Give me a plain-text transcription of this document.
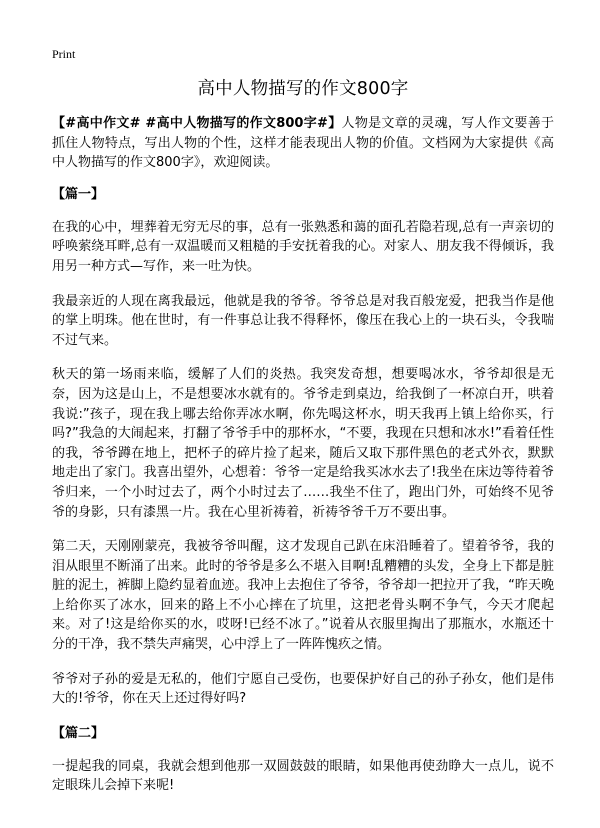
Print
高中人物描写的作文800字

【#高中作文# #高中人物描写的作文800字#】人物是文章的灵魂，写人作文要善于抓住人物特点，写出人物的个性，这样才能表现出人物的价值。文档网为大家提供《高中人物描写的作文800字》，欢迎阅读。

【篇一】

在我的心中，埋葬着无穷无尽的事，总有一张熟悉和蔼的面孔若隐若现,总有一声亲切的呼唤萦绕耳畔,总有一双温暖而又粗糙的手安抚着我的心。对家人、朋友我不得倾诉，我用另一种方式—写作，来一吐为快。

我最亲近的人现在离我最远，他就是我的爷爷。爷爷总是对我百般宠爱，把我当作是他的掌上明珠。他在世时，有一件事总让我不得释怀，像压在我心上的一块石头，令我喘不过气来。

秋天的第一场雨来临，缓解了人们的炎热。我突发奇想，想要喝冰水，爷爷却很是无奈，因为这是山上，不是想要冰水就有的。爷爷走到桌边，给我倒了一杯凉白开，哄着我说:”孩子，现在我上哪去给你弄冰水啊，你先喝这杯水，明天我再上镇上给你买，行吗?”我急的大闹起来，打翻了爷爷手中的那杯水，“不要，我现在只想和冰水!”看着任性的我，爷爷蹲在地上，把杯子的碎片捡了起来，随后又取下那件黑色的老式外衣，默默地走出了家门。我喜出望外，心想着：爷爷一定是给我买冰水去了!我坐在床边等待着爷爷归来，一个小时过去了，两个小时过去了……我坐不住了，跑出门外，可始终不见爷爷的身影，只有漆黑一片。我在心里祈祷着，祈祷爷爷千万不要出事。

第二天，天刚刚蒙亮，我被爷爷叫醒，这才发现自己趴在床沿睡着了。望着爷爷，我的泪从眼里不断涌了出来。此时的爷爷是多么不堪入目啊!乱糟糟的头发，全身上下都是脏脏的泥土，裤脚上隐约显着血迹。我冲上去抱住了爷爷，爷爷却一把拉开了我，“昨天晚上给你买了冰水，回来的路上不小心摔在了坑里，这把老骨头啊不争气，今天才爬起来。对了!这是给你买的水，哎呀!已经不冰了。”说着从衣服里掏出了那瓶水，水瓶还十分的干净，我不禁失声痛哭，心中浮上了一阵阵愧疚之情。

爷爷对子孙的爱是无私的，他们宁愿自己受伤，也要保护好自己的孙子孙女，他们是伟大的!爷爷，你在天上还过得好吗?

【篇二】

一提起我的同桌，我就会想到他那一双圆鼓鼓的眼睛，如果他再使劲睁大一点儿，说不定眼珠儿会掉下来呢!
